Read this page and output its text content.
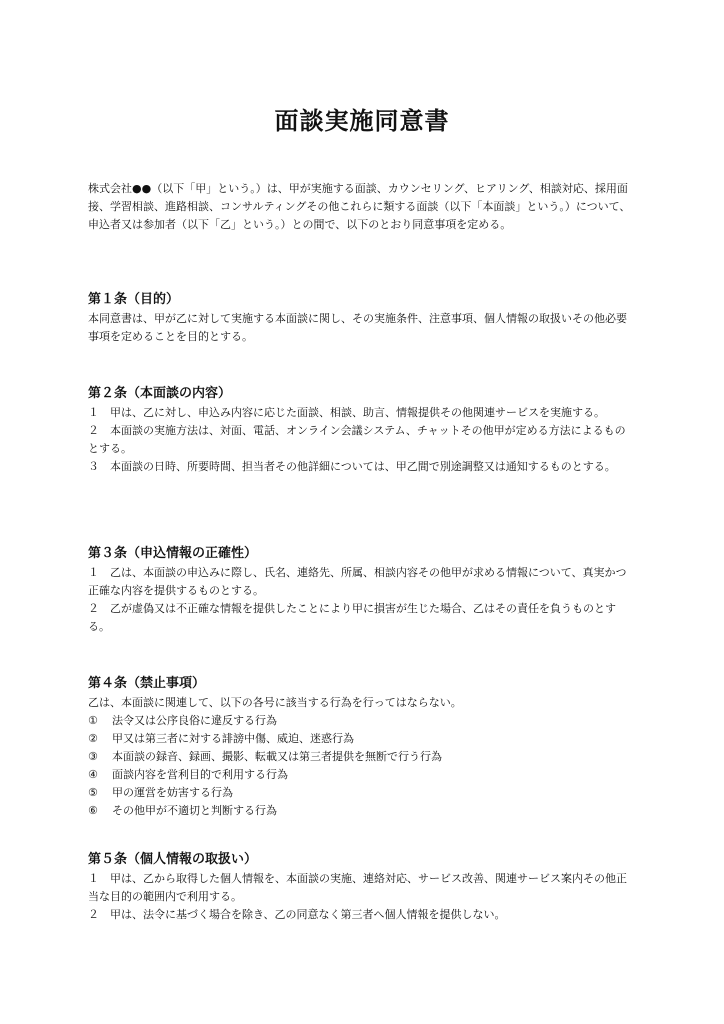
面談実施同意書
株式会社●●（以下「甲」という。）は、甲が実施する面談、カウンセリング、ヒアリング、相談対応、採用面接、学習相談、進路相談、コンサルティングその他これらに類する面談（以下「本面談」という。）について、申込者又は参加者（以下「乙」という。）との間で、以下のとおり同意事項を定める。

第１条（目的）

本同意書は、甲が乙に対して実施する本面談に関し、その実施条件、注意事項、個人情報の取扱いその他必要事項を定めることを目的とする。

第２条（本面談の内容）

１　甲は、乙に対し、申込み内容に応じた面談、相談、助言、情報提供その他関連サービスを実施する。

２　本面談の実施方法は、対面、電話、オンライン会議システム、チャットその他甲が定める方法によるものとする。

３　本面談の日時、所要時間、担当者その他詳細については、甲乙間で別途調整又は通知するものとする。

第３条（申込情報の正確性）

１　乙は、本面談の申込みに際し、氏名、連絡先、所属、相談内容その他甲が求める情報について、真実かつ正確な内容を提供するものとする。

２　乙が虚偽又は不正確な情報を提供したことにより甲に損害が生じた場合、乙はその責任を負うものとする。

第４条（禁止事項）

乙は、本面談に関連して、以下の各号に該当する行為を行ってはならない。

①	法令又は公序良俗に違反する行為

②	甲又は第三者に対する誹謗中傷、威迫、迷惑行為

③	本面談の録音、録画、撮影、転載又は第三者提供を無断で行う行為

④	面談内容を営利目的で利用する行為

⑤	甲の運営を妨害する行為

⑥	その他甲が不適切と判断する行為

第５条（個人情報の取扱い）

１　甲は、乙から取得した個人情報を、本面談の実施、連絡対応、サービス改善、関連サービス案内その他正当な目的の範囲内で利用する。

２　甲は、法令に基づく場合を除き、乙の同意なく第三者へ個人情報を提供しない。
